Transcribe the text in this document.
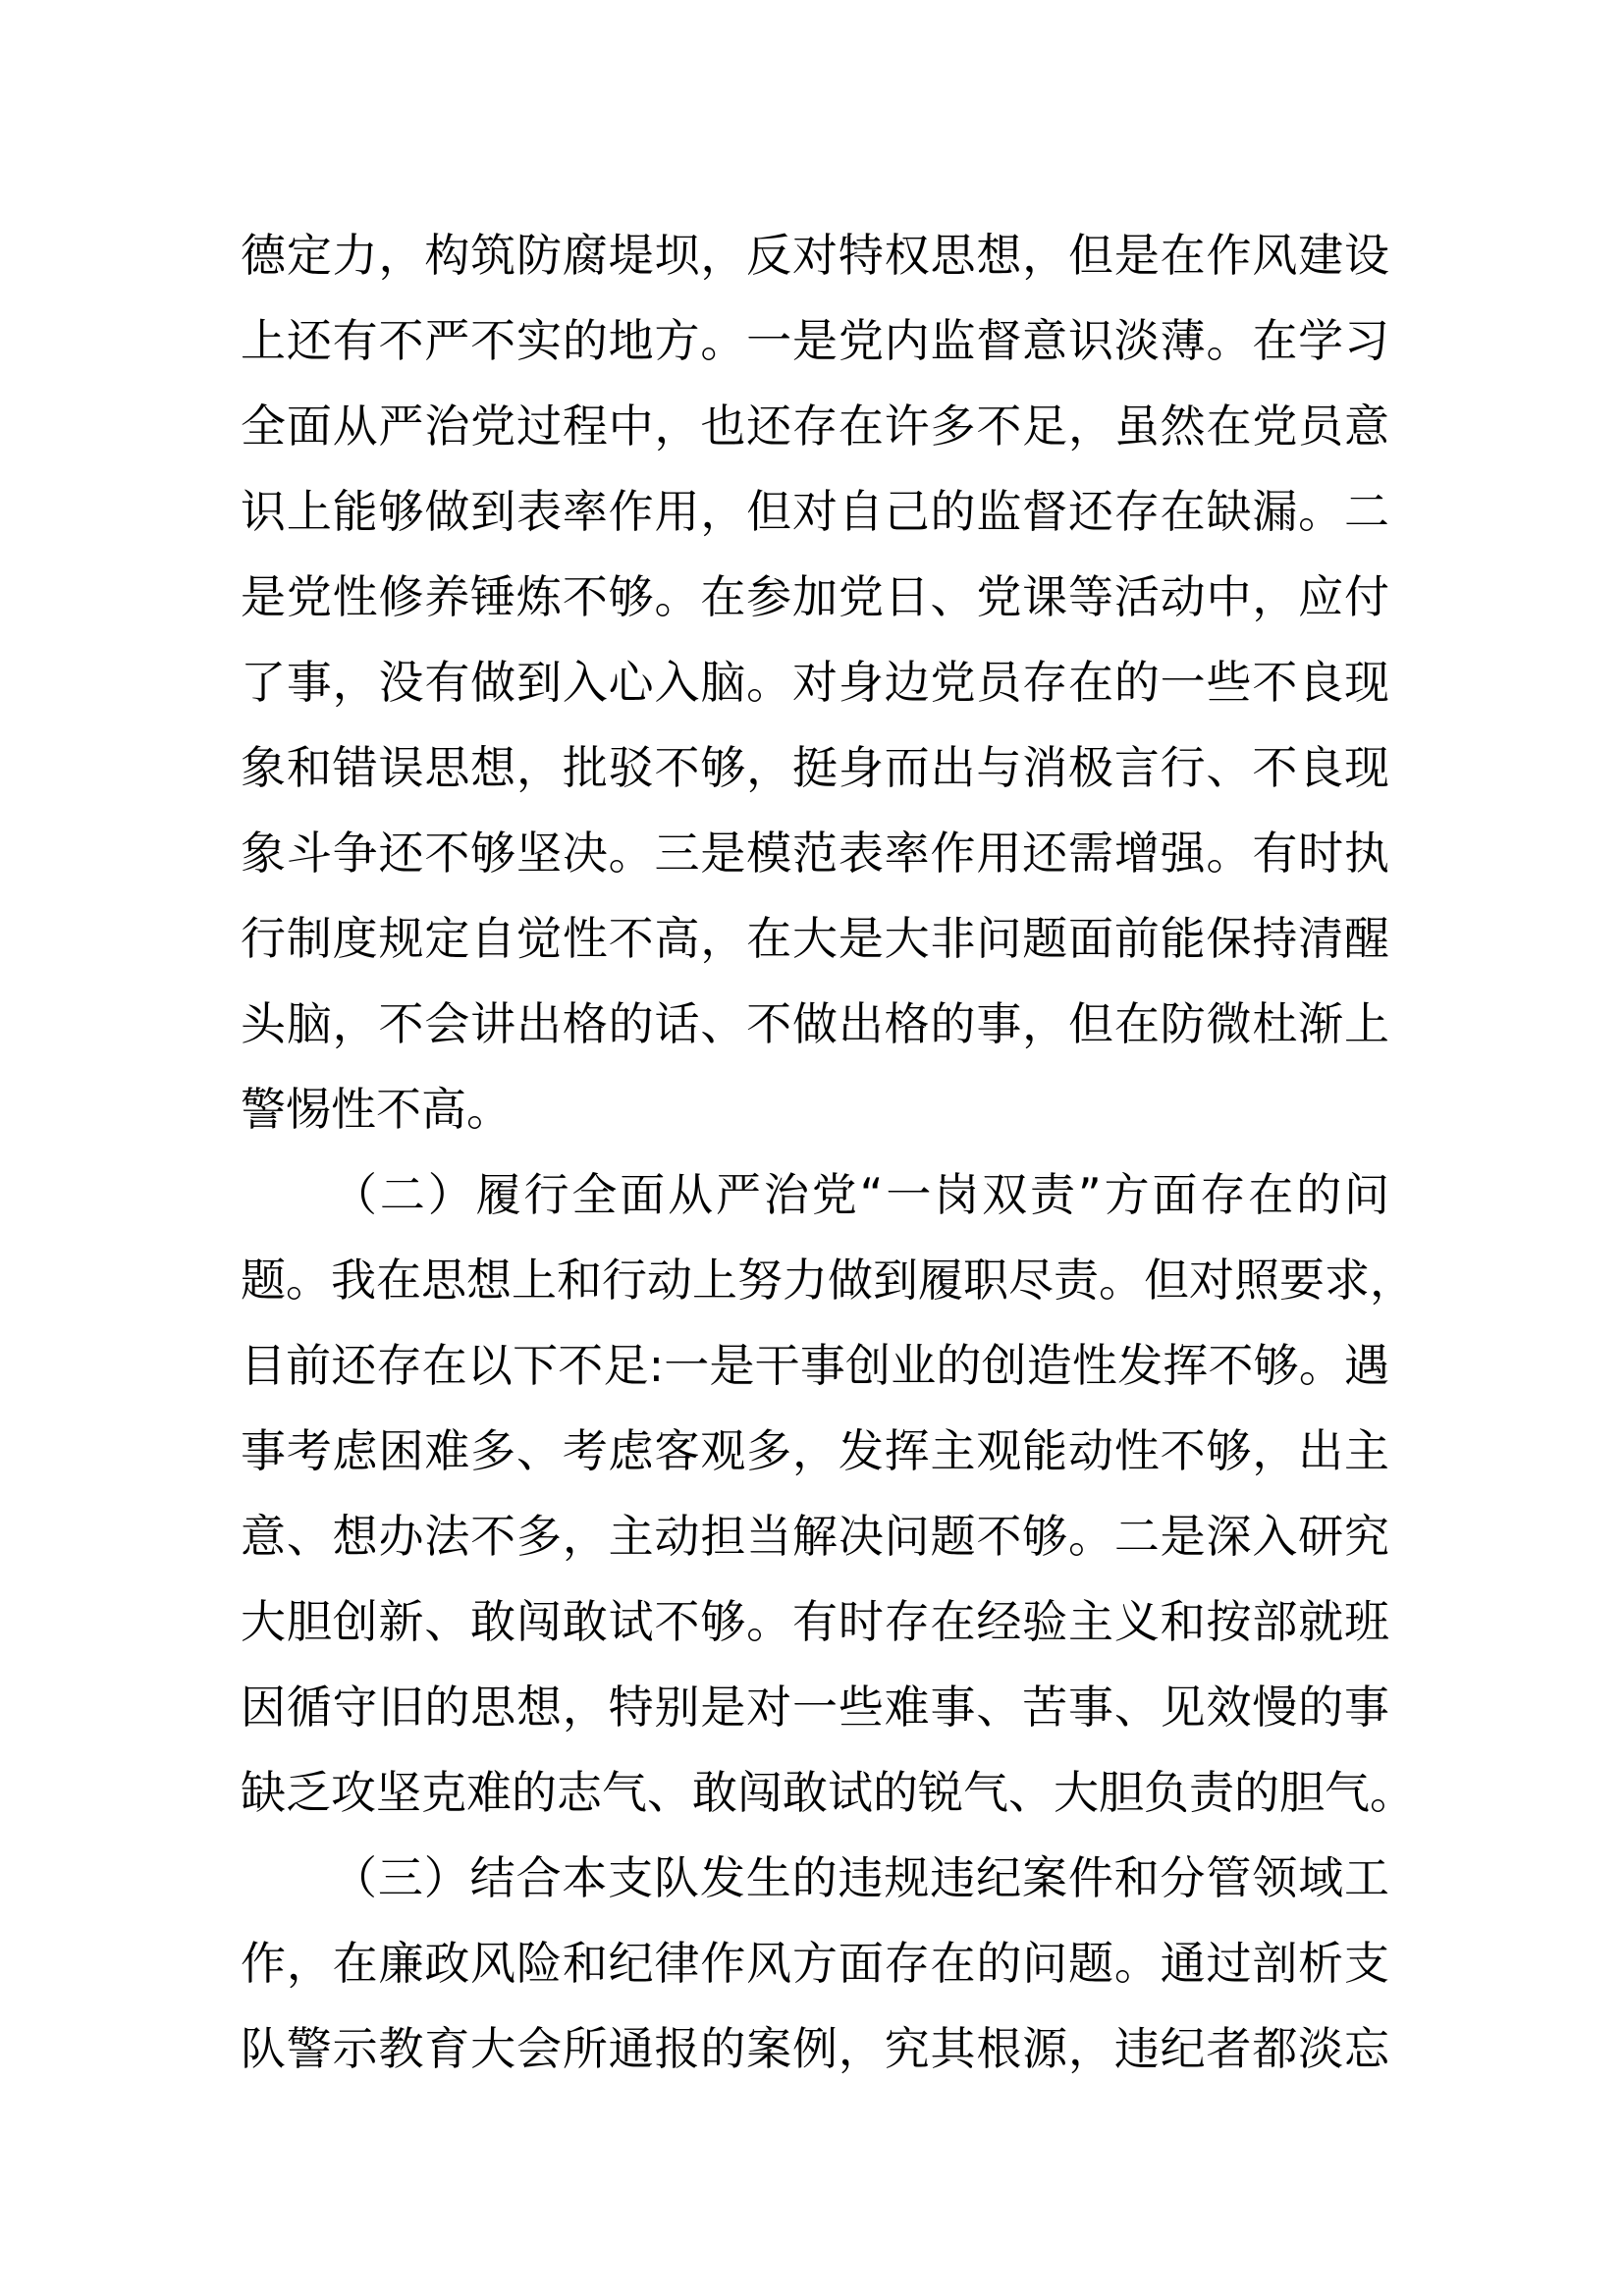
德定力，构筑防腐堤坝，反对特权思想，但是在作风建设
上还有不严不实的地方。一是党内监督意识淡薄。在学习
全面从严治党过程中，也还存在许多不足，虽然在党员意
识上能够做到表率作用，但对自己的监督还存在缺漏。二
是党性修养锤炼不够。在参加党日、党课等活动中，应付
了事，没有做到入心入脑。对身边党员存在的一些不良现
象和错误思想，批驳不够，挺身而出与消极言行、不良现
象斗争还不够坚决。三是模范表率作用还需增强。有时执
行制度规定自觉性不高，在大是大非问题面前能保持清醒
头脑，不会讲出格的话、不做出格的事，但在防微杜渐上
警惕性不高。
（二）履行全面从严治党“一岗双责”方面存在的问
题。我在思想上和行动上努力做到履职尽责。但对照要求，
目前还存在以下不足:一是干事创业的创造性发挥不够。遇
事考虑困难多、考虑客观多，发挥主观能动性不够，出主
意、想办法不多，主动担当解决问题不够。二是深入研究
大胆创新、敢闯敢试不够。有时存在经验主义和按部就班
因循守旧的思想，特别是对一些难事、苦事、见效慢的事
缺乏攻坚克难的志气、敢闯敢试的锐气、大胆负责的胆气。
（三）结合本支队发生的违规违纪案件和分管领域工
作，在廉政风险和纪律作风方面存在的问题。通过剖析支
队警示教育大会所通报的案例，究其根源，违纪者都淡忘
